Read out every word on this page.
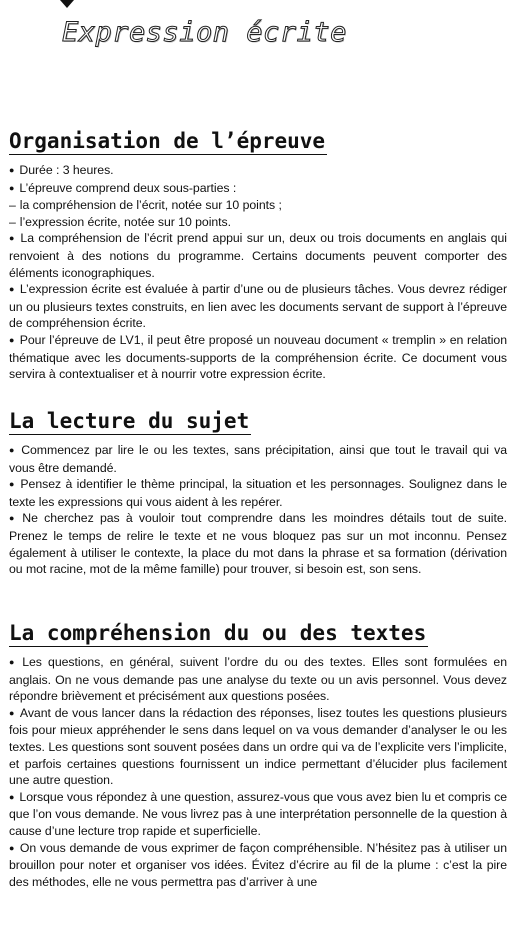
Expression écrite
Organisation de l’épreuve

● Durée : 3 heures.

● L’épreuve comprend deux sous-parties :

– la compréhension de l’écrit, notée sur 10 points ;

– l’expression écrite, notée sur 10 points.

● La compréhension de l’écrit prend appui sur un, deux ou trois documents en anglais qui renvoient à des notions du programme. Certains documents peuvent comporter des éléments iconographiques.

● L’expression écrite est évaluée à partir d’une ou de plusieurs tâches. Vous devrez rédiger un ou plusieurs textes construits, en lien avec les documents servant de support à l’épreuve de compréhension écrite.

● Pour l’épreuve de LV1, il peut être proposé un nouveau document « tremplin » en relation thématique avec les documents-supports de la compréhension écrite. Ce document vous servira à contextualiser et à nourrir votre expression écrite.

La lecture du sujet

● Commencez par lire le ou les textes, sans précipitation, ainsi que tout le travail qui va vous être demandé.

● Pensez à identifier le thème principal, la situation et les personnages. Soulignez dans le texte les expressions qui vous aident à les repérer.

● Ne cherchez pas à vouloir tout comprendre dans les moindres détails tout de suite. Prenez le temps de relire le texte et ne vous bloquez pas sur un mot inconnu. Pensez également à utiliser le contexte, la place du mot dans la phrase et sa formation (dérivation ou mot racine, mot de la même famille) pour trouver, si besoin est, son sens.

La compréhension du ou des textes

● Les questions, en général, suivent l’ordre du ou des textes. Elles sont formulées en anglais. On ne vous demande pas une analyse du texte ou un avis personnel. Vous devez répondre brièvement et précisément aux questions posées.

● Avant de vous lancer dans la rédaction des réponses, lisez toutes les questions plusieurs fois pour mieux appréhender le sens dans lequel on va vous demander d’analyser le ou les textes. Les questions sont souvent posées dans un ordre qui va de l’explicite vers l’implicite, et parfois certaines questions fournissent un indice permettant d’élucider plus facilement une autre question.

● Lorsque vous répondez à une question, assurez-vous que vous avez bien lu et compris ce que l’on vous demande. Ne vous livrez pas à une interprétation personnelle de la question à cause d’une lecture trop rapide et superficielle.

● On vous demande de vous exprimer de façon compréhensible. N’hésitez pas à utiliser un brouillon pour noter et organiser vos idées. Évitez d’écrire au fil de la plume : c’est la pire des méthodes, elle ne vous permettra pas d’arriver à une
